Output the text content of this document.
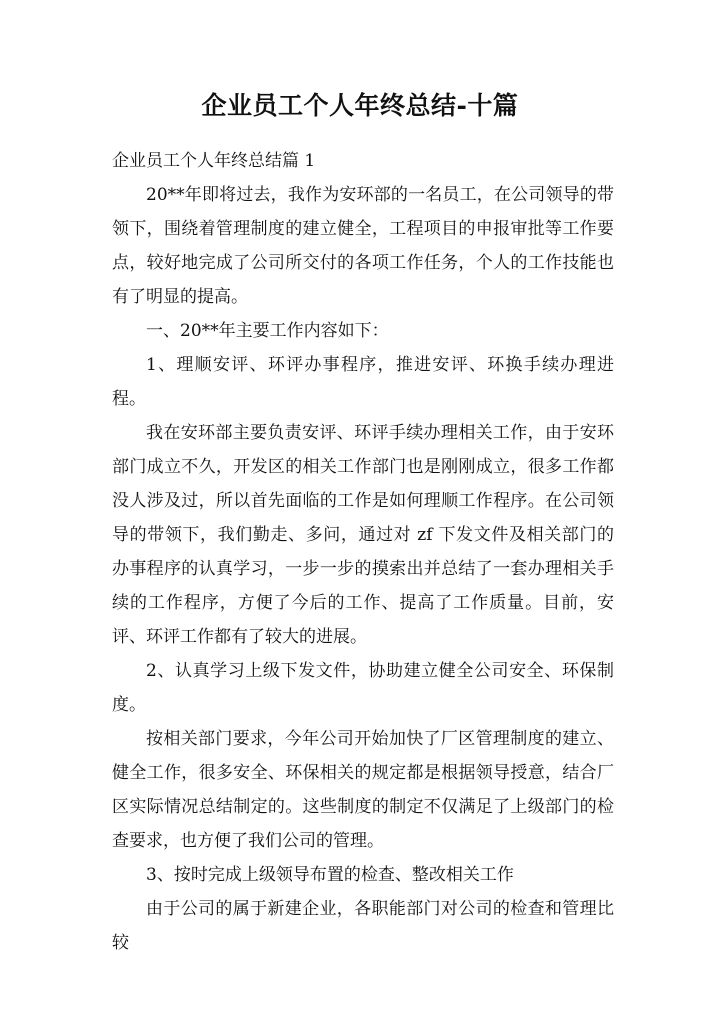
企业员工个人年终总结-十篇

企业员工个人年终总结篇 1

20**年即将过去，我作为安环部的一名员工，在公司领导的带领下，围绕着管理制度的建立健全，工程项目的申报审批等工作要点，较好地完成了公司所交付的各项工作任务，个人的工作技能也有了明显的提高。

一、20**年主要工作内容如下：

1、理顺安评、环评办事程序，推进安评、环换手续办理进程。

我在安环部主要负责安评、环评手续办理相关工作，由于安环部门成立不久，开发区的相关工作部门也是刚刚成立，很多工作都没人涉及过，所以首先面临的工作是如何理顺工作程序。在公司领导的带领下，我们勤走、多问，通过对 zf 下发文件及相关部门的办事程序的认真学习，一步一步的摸索出并总结了一套办理相关手续的工作程序，方便了今后的工作、提高了工作质量。目前，安评、环评工作都有了较大的进展。

2、认真学习上级下发文件，协助建立健全公司安全、环保制度。

按相关部门要求，今年公司开始加快了厂区管理制度的建立、健全工作，很多安全、环保相关的规定都是根据领导授意，结合厂区实际情况总结制定的。这些制度的制定不仅满足了上级部门的检查要求，也方便了我们公司的管理。

3、按时完成上级领导布置的检查、整改相关工作

由于公司的属于新建企业，各职能部门对公司的检查和管理比较
